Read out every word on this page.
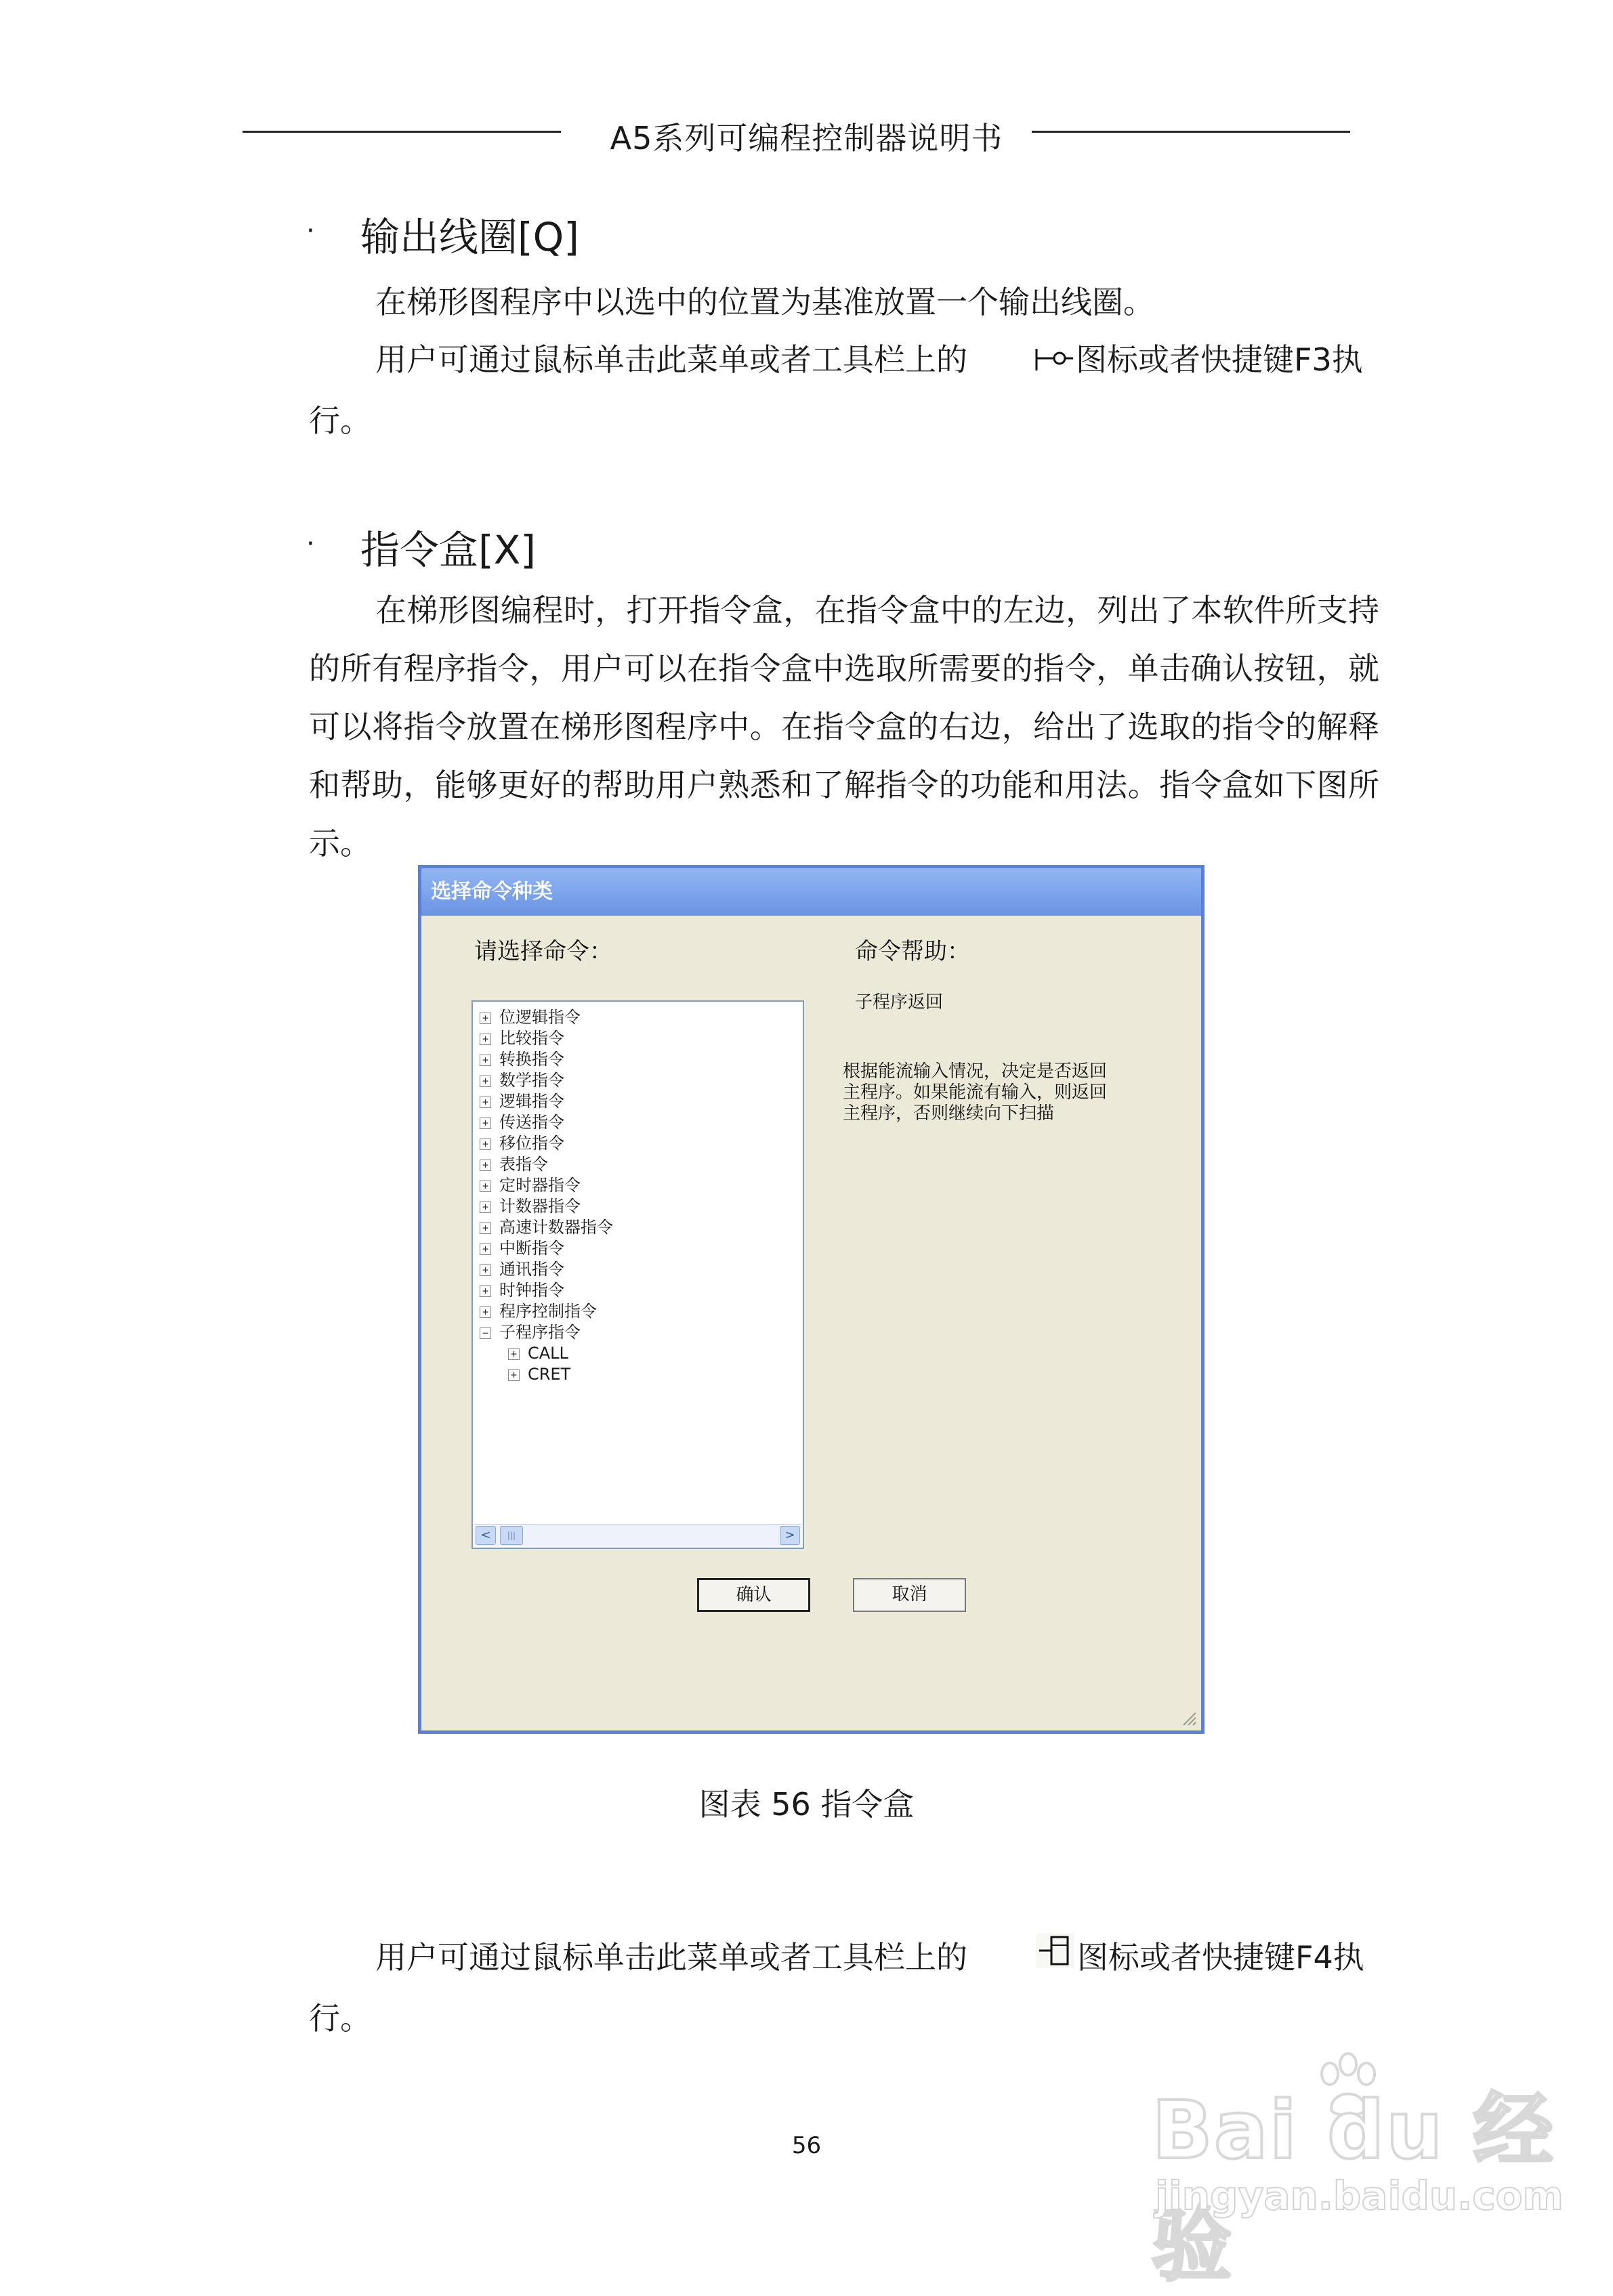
A5系列可编程控制器说明书
· 输出线圈[Q]
在梯形图程序中以选中的位置为基准放置一个输出线圈。
用户可通过鼠标单击此菜单或者工具栏上的	图标或者快捷键F3执
行。
· 指令盒[X]
在梯形图编程时，打开指令盒，在指令盒中的左边，列出了本软件所支持的所有程序指令，用户可以在指令盒中选取所需要的指令，单击确认按钮，就可以将指令放置在梯形图程序中。在指令盒的右边，给出了选取的指令的解释和帮助，能够更好的帮助用户熟悉和了解指令的功能和用法。指令盒如下图所示。
选择命令种类
请选择命令：	命令帮助：
+ 位逻辑指令
+ 比较指令
+ 转换指令
+ 数学指令
+ 逻辑指令
+ 传送指令
+ 移位指令
+ 表指令
+ 定时器指令
+ 计数器指令
+ 高速计数器指令
+ 中断指令
+ 通讯指令
+ 时钟指令
+ 程序控制指令
− 子程序指令
+ CALL
+ CRET
<	|||	>
子程序返回
根据能流输入情况，决定是否返回
主程序。如果能流有输入，则返回
主程序，否则继续向下扫描
确认	取消
图表 56 指令盒
用户可通过鼠标单击此菜单或者工具栏上的	图标或者快捷键F4执
行。
56	Bai du 经验
jingyan.baidu.com
